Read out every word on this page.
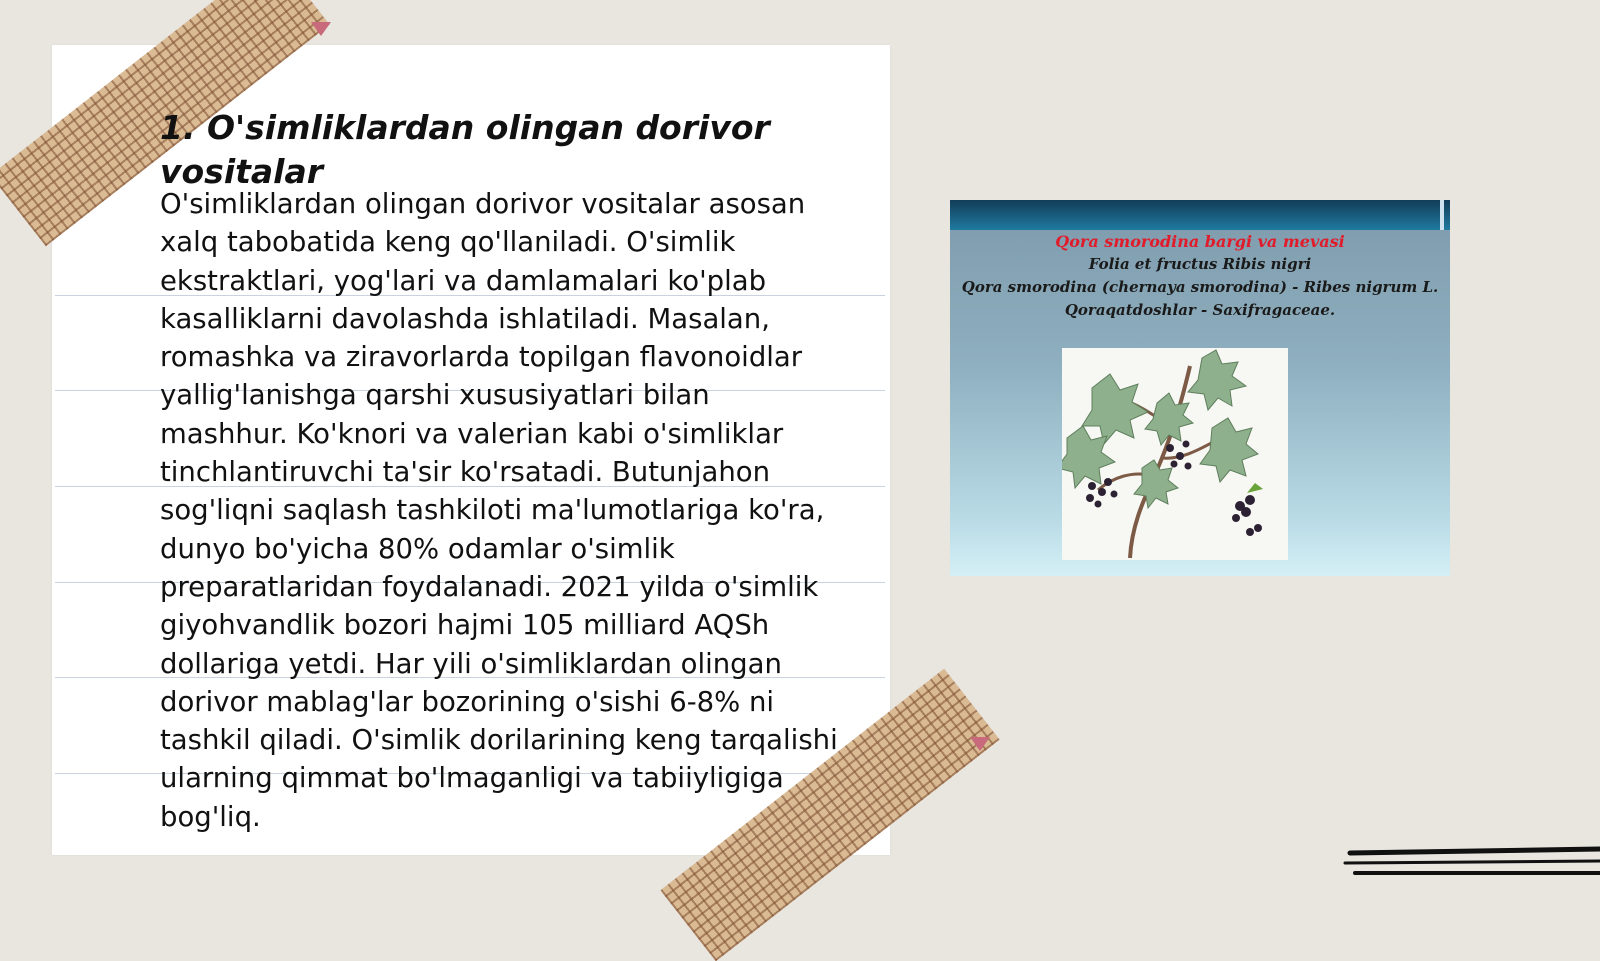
1. O'simliklardan olingan dorivor vositalar

O'simliklardan olingan dorivor vositalar asosan xalq tabobatida keng qo'llaniladi. O'simlik ekstraktlari, yog'lari va damlamalari ko'plab kasalliklarni davolashda ishlatiladi. Masalan, romashka va ziravorlarda topilgan flavonoidlar yallig'lanishga qarshi xususiyatlari bilan mashhur. Ko'knori va valerian kabi o'simliklar tinchlantiruvchi ta'sir ko'rsatadi. Butunjahon sog'liqni saqlash tashkiloti ma'lumotlariga ko'ra, dunyo bo'yicha 80% odamlar o'simlik preparatlaridan foydalanadi. 2021 yilda o'simlik giyohvandlik bozori hajmi 105 milliard AQSh dollariga yetdi. Har yili o'simliklardan olingan dorivor mablag'lar bozorining o'sishi 6-8% ni tashkil qiladi. O'simlik dorilarining keng tarqalishi ularning qimmat bo'lmaganligi va tabiiyligiga bog'liq.

Qora smorodina bargi va mevasi
Folia et fructus Ribis nigri
Qora smorodina (chernaya smorodina) - Ribes nigrum L.
Qoraqatdoshlar - Saxifragaceae.
